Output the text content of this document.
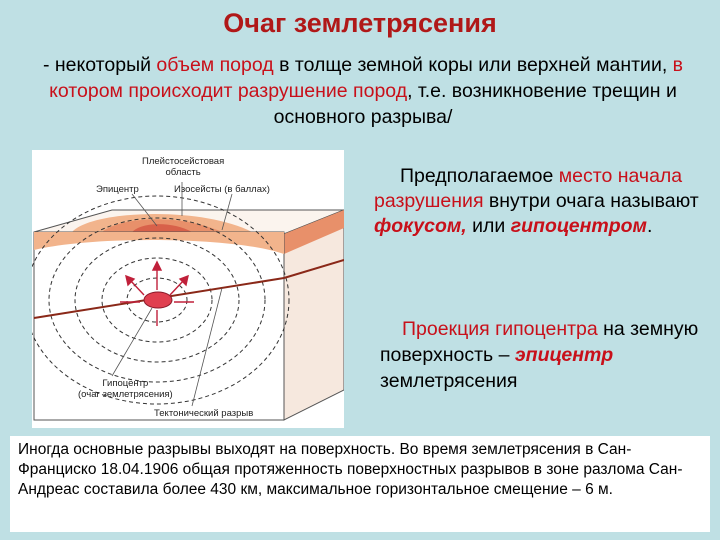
Очаг землетрясения

- некоторый объем пород в толще земной коры или верхней мантии, в котором происходит разрушение пород, т.е. возникновение трещин и основного разрыва/

Плейстосейстовая
область
Эпицентр	Изосейсты (в баллах)
Гипоцентр
(очаг землетрясения)
Тектонический разрыв

Предполагаемое место начала разрушения внутри очага называют фокусом, или гипоцентром.

Проекция гипоцентра на земную поверхность – эпицентр землетрясения

Иногда основные разрывы выходят на поверхность. Во время землетрясения в Сан-Франциско 18.04.1906 общая протяженность поверхностных разрывов в зоне разлома Сан-Андреас составила более 430 км, максимальное горизонтальное смещение – 6 м.
